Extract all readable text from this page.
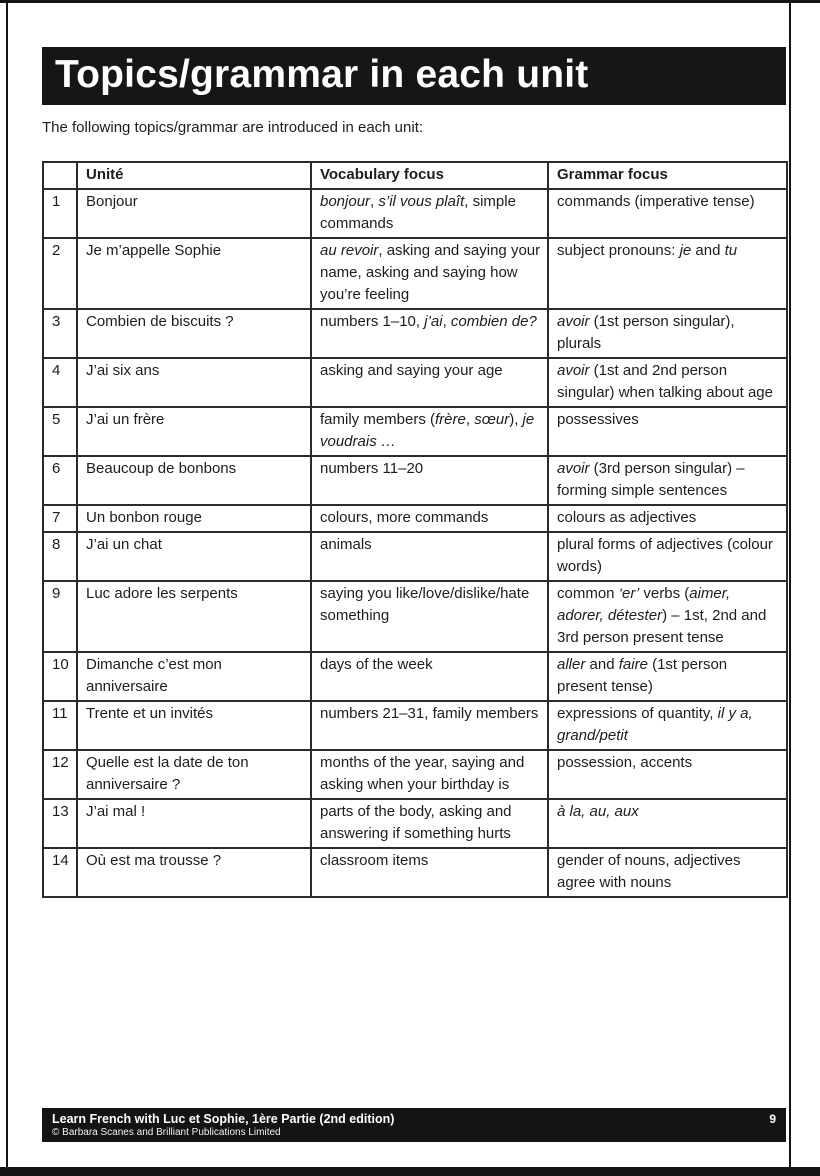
Topics/grammar in each unit

The following topics/grammar are introduced in each unit:

	Unité	Vocabulary focus	Grammar focus
1	Bonjour	bonjour, s’il vous plaît, simple commands	commands (imperative tense)
2	Je m’appelle Sophie	au revoir, asking and saying your name, asking and saying how you’re feeling	subject pronouns: je and tu
3	Combien de biscuits ?	numbers 1–10, j’ai, combien de?	avoir (1st person singular), plurals
4	J’ai six ans	asking and saying your age	avoir (1st and 2nd person singular) when talking about age
5	J’ai un frère	family members (frère, sœur), je voudrais …	possessives
6	Beaucoup de bonbons	numbers 11–20	avoir (3rd person singular) – forming simple sentences
7	Un bonbon rouge	colours, more commands	colours as adjectives
8	J’ai un chat	animals	plural forms of adjectives (colour words)
9	Luc adore les serpents	saying you like/love/dislike/hate something	common ‘er’ verbs (aimer, adorer, détester) – 1st, 2nd and 3rd person present tense
10	Dimanche c’est mon anniversaire	days of the week	aller and faire (1st person present tense)
11	Trente et un invités	numbers 21–31, family members	expressions of quantity, il y a, grand/petit
12	Quelle est la date de ton anniversaire ?	months of the year, saying and asking when your birthday is	possession, accents
13	J’ai mal !	parts of the body, asking and answering if something hurts	à la, au, aux
14	Où est ma trousse ?	classroom items	gender of nouns, adjectives agree with nouns
Learn French with Luc et Sophie, 1ère Partie (2nd edition)
© Barbara Scanes and Brilliant Publications Limited
9
